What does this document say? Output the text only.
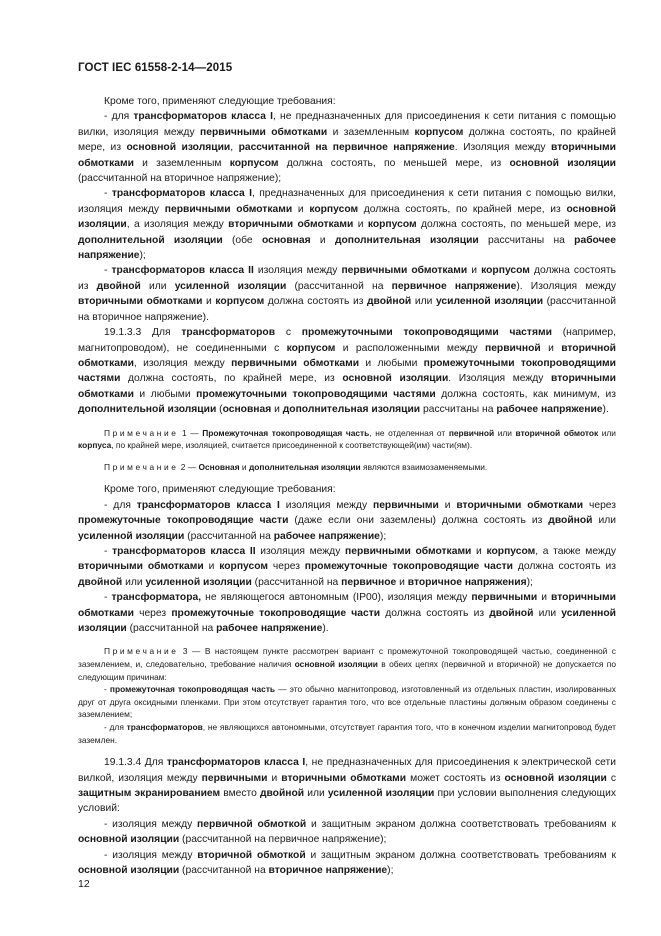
ГОСТ IEC 61558-2-14—2015

Кроме того, применяют следующие требования:

- для трансформаторов класса I, не предназначенных для присоединения к сети питания с помощью вилки, изоляция между первичными обмотками и заземленным корпусом должна состоять, по крайней мере, из основной изоляции, рассчитанной на первичное напряжение. Изоляция между вторичными обмотками и заземленным корпусом должна состоять, по меньшей мере, из основной изоляции (рассчитанной на вторичное напряжение);

- трансформаторов класса I, предназначенных для присоединения к сети питания с помощью вилки, изоляция между первичными обмотками и корпусом должна состоять, по крайней мере, из основной изоляции, а изоляция между вторичными обмотками и корпусом должна состоять, по меньшей мере, из дополнительной изоляции (обе основная и дополнительная изоляции рассчитаны на рабочее напряжение);

- трансформаторов класса II изоляция между первичными обмотками и корпусом должна состоять из двойной или усиленной изоляции (рассчитанной на первичное напряжение). Изоляция между вторичными обмотками и корпусом должна состоять из двойной или усиленной изоляции (рассчитанной на вторичное напряжение).

19.1.3.3 Для трансформаторов с промежуточными токопроводящими частями (например, магнитопроводом), не соединенными с корпусом и расположенными между первичной и вторичной обмотками, изоляция между первичными обмотками и любыми промежуточными токопроводящими частями должна состоять, по крайней мере, из основной изоляции. Изоляция между вторичными обмотками и любыми промежуточными токопроводящими частями должна состоять, как минимум, из дополнительной изоляции (основная и дополнительная изоляции рассчитаны на рабочее напряжение).

Примечание 1 — Промежуточная токопроводящая часть, не отделенная от первичной или вторичной обмоток или корпуса, по крайней мере, изоляцией, считается присоединенной к соответствующей(им) части(ям).
Примечание 2 — Основная и дополнительная изоляции являются взаимозаменяемыми.

Кроме того, применяют следующие требования:

- для трансформаторов класса I изоляция между первичными и вторичными обмотками через промежуточные токопроводящие части (даже если они заземлены) должна состоять из двойной или усиленной изоляции (рассчитанной на рабочее напряжение);

- трансформаторов класса II изоляция между первичными обмотками и корпусом, а также между вторичными обмотками и корпусом через промежуточные токопроводящие части должна состоять из двойной или усиленной изоляции (рассчитанной на первичное и вторичное напряжения);

- трансформатора, не являющегося автономным (IP00), изоляция между первичными и вторичными обмотками через промежуточные токопроводящие части должна состоять из двойной или усиленной изоляции (рассчитанной на рабочее напряжение).

Примечание 3 — В настоящем пункте рассмотрен вариант с промежуточной токопроводящей частью, соединенной с заземлением, и, следовательно, требование наличия основной изоляции в обеих цепях (первичной и вторичной) не допускается по следующим причинам:
- промежуточная токопроводящая часть — это обычно магнитопровод, изготовленный из отдельных пластин, изолированных друг от друга оксидными пленками. При этом отсутствует гарантия того, что все отдельные пластины должным образом соединены с заземлением;
- для трансформаторов, не являющихся автономными, отсутствует гарантия того, что в конечном изделии магнитопровод будет заземлен.

19.1.3.4 Для трансформаторов класса I, не предназначенных для присоединения к электрической сети вилкой, изоляция между первичными и вторичными обмотками может состоять из основной изоляции с защитным экранированием вместо двойной или усиленной изоляции при условии выполнения следующих условий:

- изоляция между первичной обмоткой и защитным экраном должна соответствовать требованиям к основной изоляции (рассчитанной на первичное напряжение);

- изоляция между вторичной обмоткой и защитным экраном должна соответствовать требованиям к основной изоляции (рассчитанной на вторичное напряжение);

12
